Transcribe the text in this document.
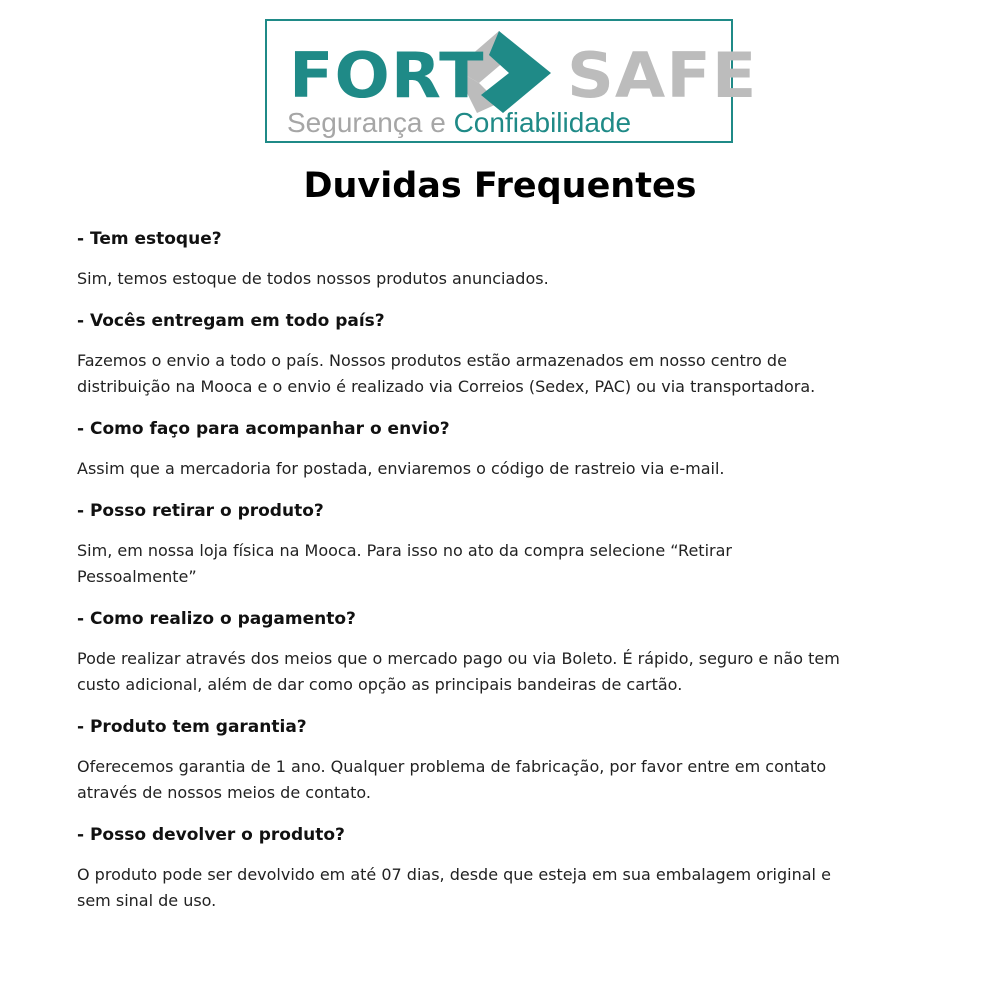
FORT SAFE
Segurança e Confiabilidade
Duvidas Frequentes

- Tem estoque?

Sim, temos estoque de todos nossos produtos anunciados.

- Vocês entregam em todo país?

Fazemos o envio a todo o país. Nossos produtos estão armazenados em nosso centro de
distribuição na Mooca e o envio é realizado via Correios (Sedex, PAC) ou via transportadora.

- Como faço para acompanhar o envio?

Assim que a mercadoria for postada, enviaremos o código de rastreio via e-mail.

- Posso retirar o produto?

Sim, em nossa loja física na Mooca. Para isso no ato da compra selecione “Retirar
Pessoalmente”

- Como realizo o pagamento?

Pode realizar através dos meios que o mercado pago ou via Boleto. É rápido, seguro e não tem
custo adicional, além de dar como opção as principais bandeiras de cartão.

- Produto tem garantia?

Oferecemos garantia de 1 ano. Qualquer problema de fabricação, por favor entre em contato
através de nossos meios de contato.

- Posso devolver o produto?

O produto pode ser devolvido em até 07 dias, desde que esteja em sua embalagem original e
sem sinal de uso.
